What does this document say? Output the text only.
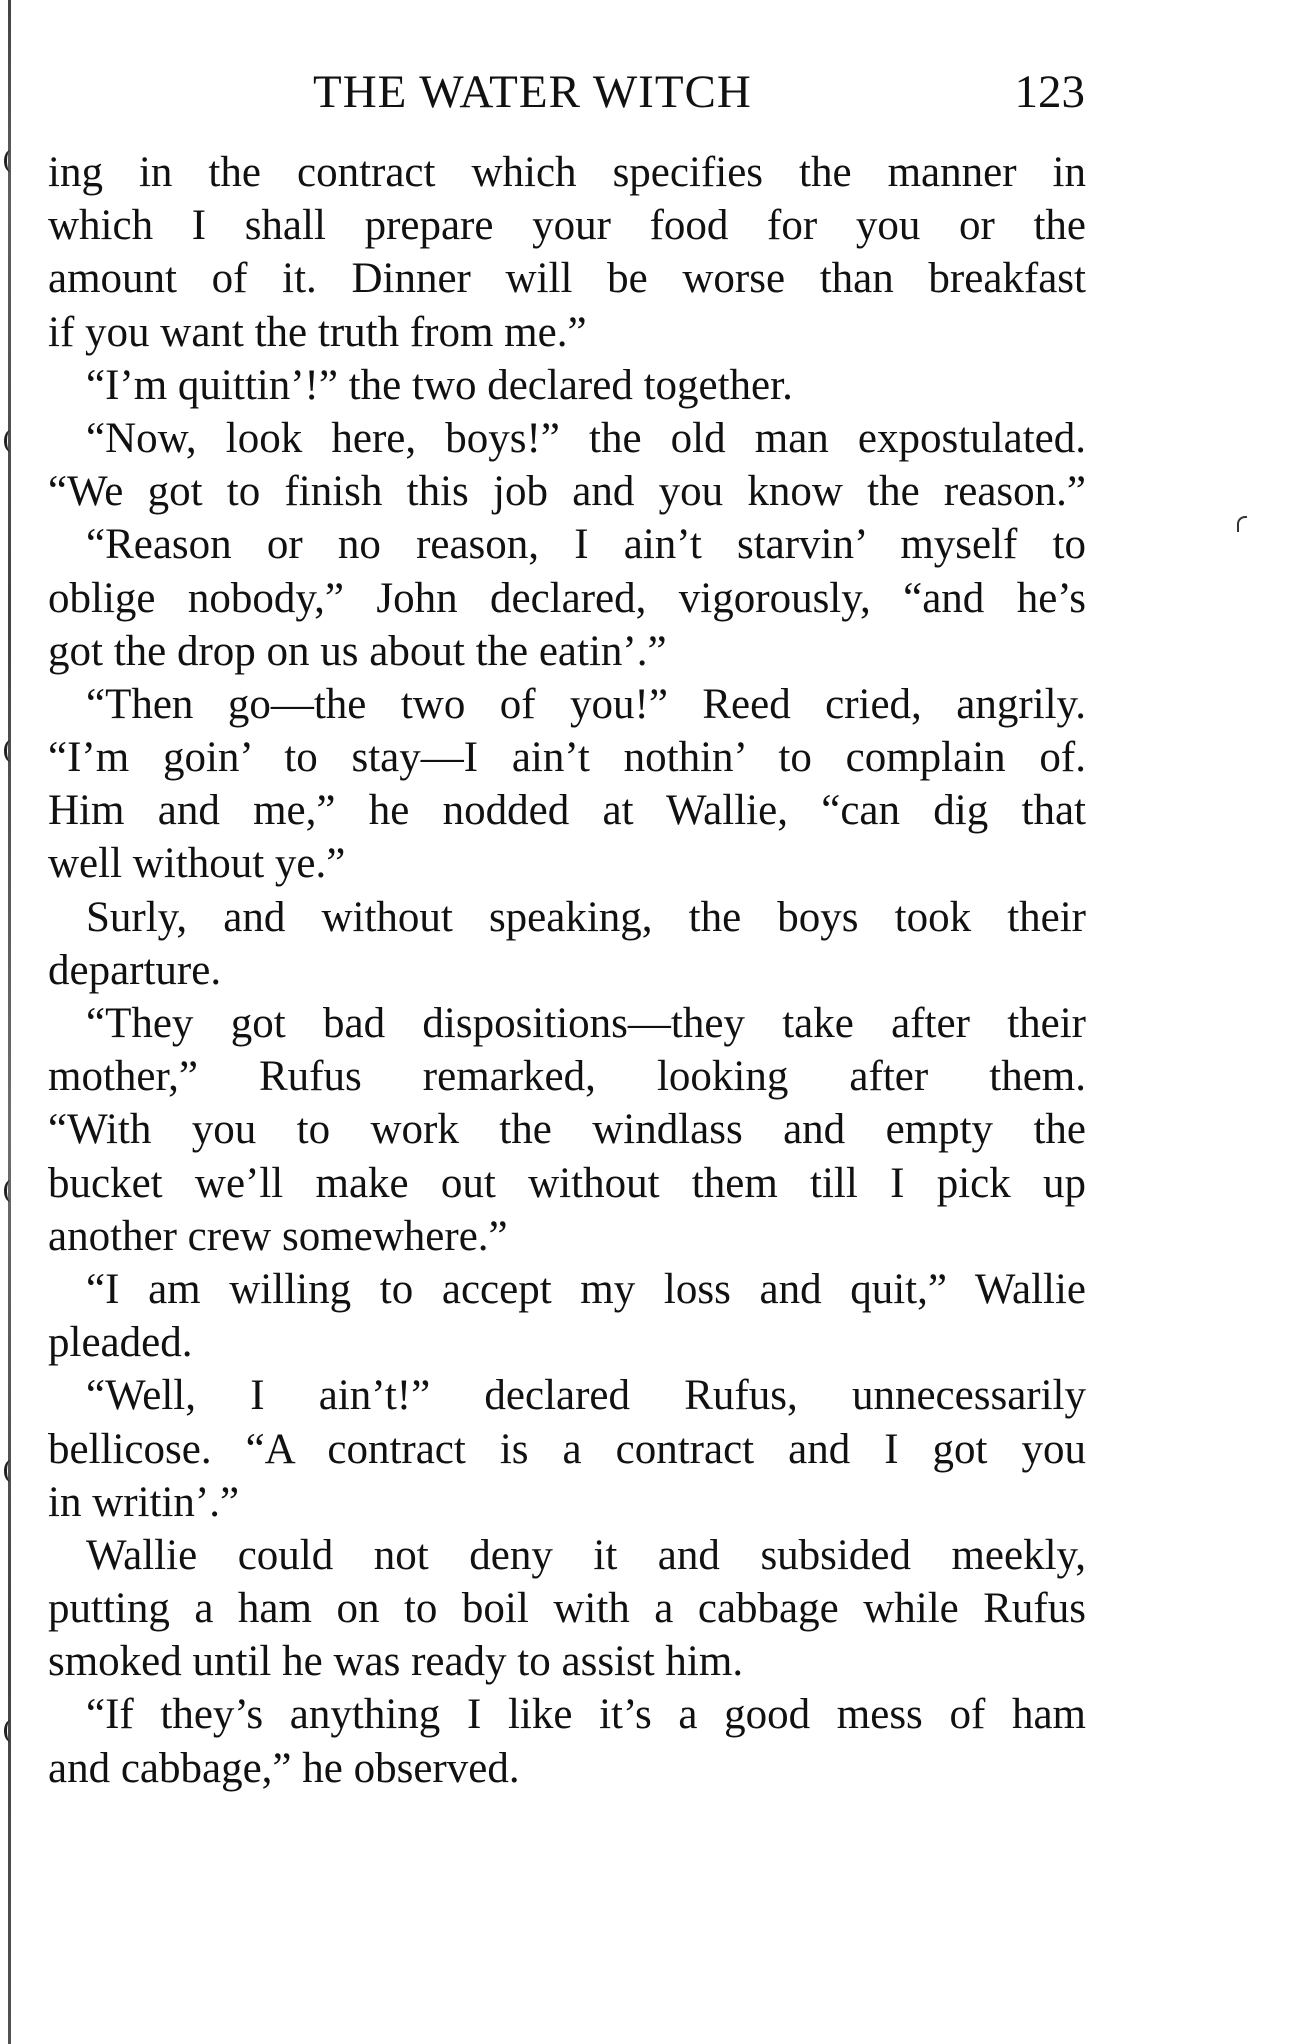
THE WATER WITCH	123
ing in the contract which specifies the manner in
which I shall prepare your food for you or the
amount of it. Dinner will be worse than breakfast
if you want the truth from me.”
“I’m quittin’!” the two declared together.
“Now, look here, boys!” the old man expostulated.
“We got to finish this job and you know the reason.”
“Reason or no reason, I ain’t starvin’ myself to
oblige nobody,” John declared, vigorously, “and he’s
got the drop on us about the eatin’.”
“Then go—the two of you!” Reed cried, angrily.
“I’m goin’ to stay—I ain’t nothin’ to complain of.
Him and me,” he nodded at Wallie, “can dig that
well without ye.”
Surly, and without speaking, the boys took their
departure.
“They got bad dispositions—they take after their
mother,” Rufus remarked, looking after them.
“With you to work the windlass and empty the
bucket we’ll make out without them till I pick up
another crew somewhere.”
“I am willing to accept my loss and quit,” Wallie
pleaded.
“Well, I ain’t!” declared Rufus, unnecessarily
bellicose. “A contract is a contract and I got you
in writin’.”
Wallie could not deny it and subsided meekly,
putting a ham on to boil with a cabbage while Rufus
smoked until he was ready to assist him.
“If they’s anything I like it’s a good mess of ham
and cabbage,” he observed.
